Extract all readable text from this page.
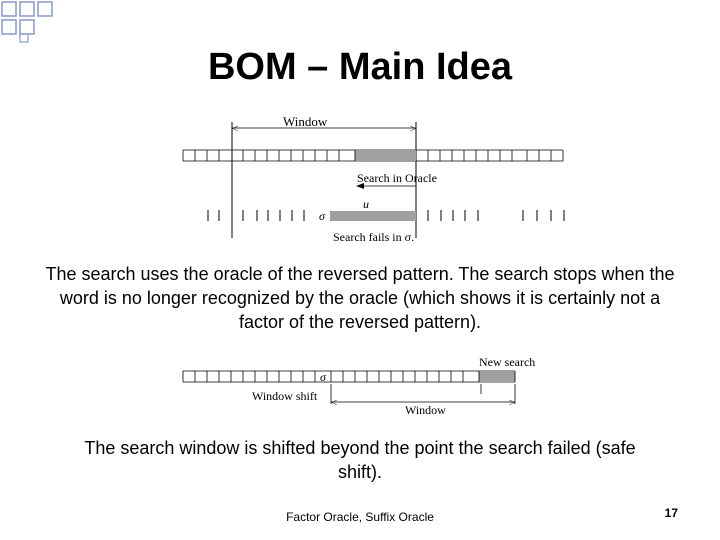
BOM – Main Idea
<	>
Window
Search in Oracle
u
σ
Search fails in σ.
The search uses the oracle of the reversed pattern. The search stops when the word is no longer recognized by the oracle (which shows it is certainly not a factor of the reversed pattern).
New search
σ
Window shift <	>
Window
The search window is shifted beyond the point the search failed (safe shift).
Factor Oracle, Suffix Oracle	17
